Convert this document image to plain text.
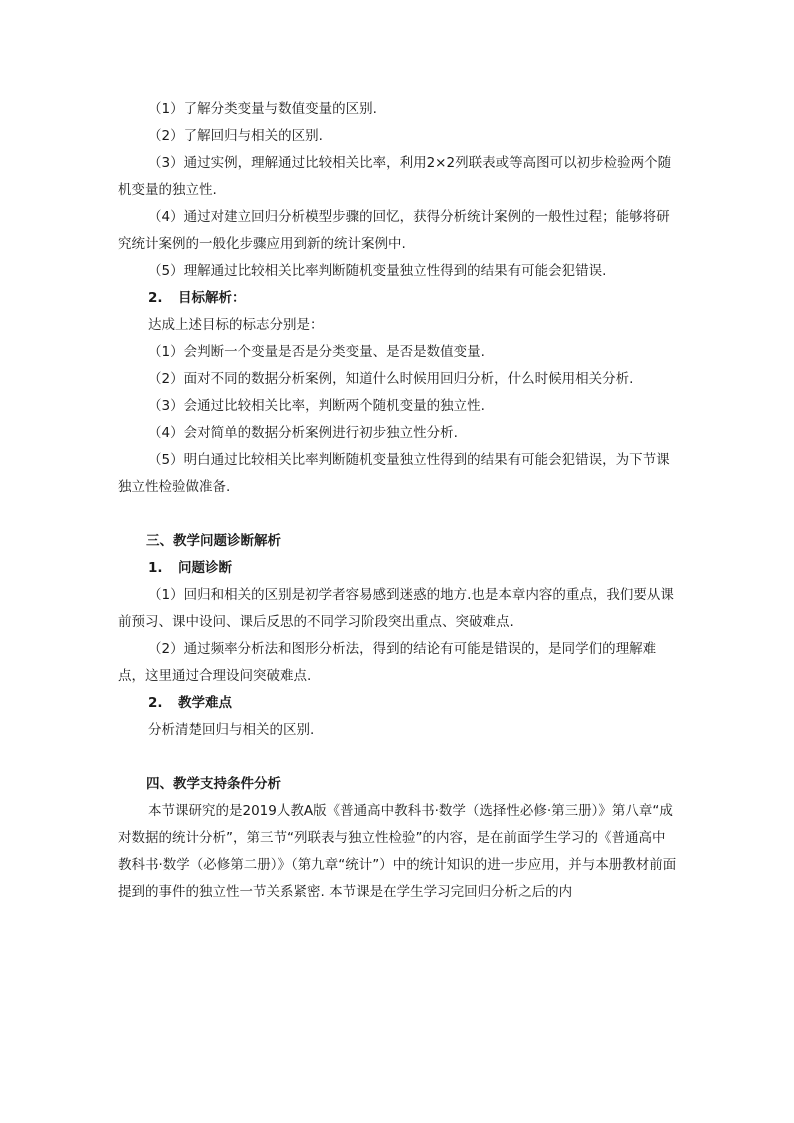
（1）了解分类变量与数值变量的区别.

（2）了解回归与相关的区别.

（3）通过实例，理解通过比较相关比率，利用2×2列联表或等高图可以初步检验两个随机变量的独立性.

（4）通过对建立回归分析模型步骤的回忆，获得分析统计案例的一般性过程；能够将研究统计案例的一般化步骤应用到新的统计案例中.

（5）理解通过比较相关比率判断随机变量独立性得到的结果有可能会犯错误.

2. 目标解析：

达成上述目标的标志分别是：

（1）会判断一个变量是否是分类变量、是否是数值变量.

（2）面对不同的数据分析案例，知道什么时候用回归分析，什么时候用相关分析.

（3）会通过比较相关比率，判断两个随机变量的独立性.

（4）会对简单的数据分析案例进行初步独立性分析.

（5）明白通过比较相关比率判断随机变量独立性得到的结果有可能会犯错误，为下节课独立性检验做准备.

三、教学问题诊断解析

1. 问题诊断

（1）回归和相关的区别是初学者容易感到迷惑的地方.也是本章内容的重点，我们要从课前预习、课中设问、课后反思的不同学习阶段突出重点、突破难点.

（2）通过频率分析法和图形分析法，得到的结论有可能是错误的，是同学们的理解难点，这里通过合理设问突破难点.

2. 教学难点

分析清楚回归与相关的区别.

四、教学支持条件分析

本节课研究的是2019人教A版《普通高中教科书·数学（选择性必修·第三册）》第八章“成对数据的统计分析”，第三节“列联表与独立性检验”的内容，是在前面学生学习的《普通高中教科书·数学（必修第二册）》（第九章“统计”）中的统计知识的进一步应用，并与本册教材前面提到的事件的独立性一节关系紧密. 本节课是在学生学习完回归分析之后的内
